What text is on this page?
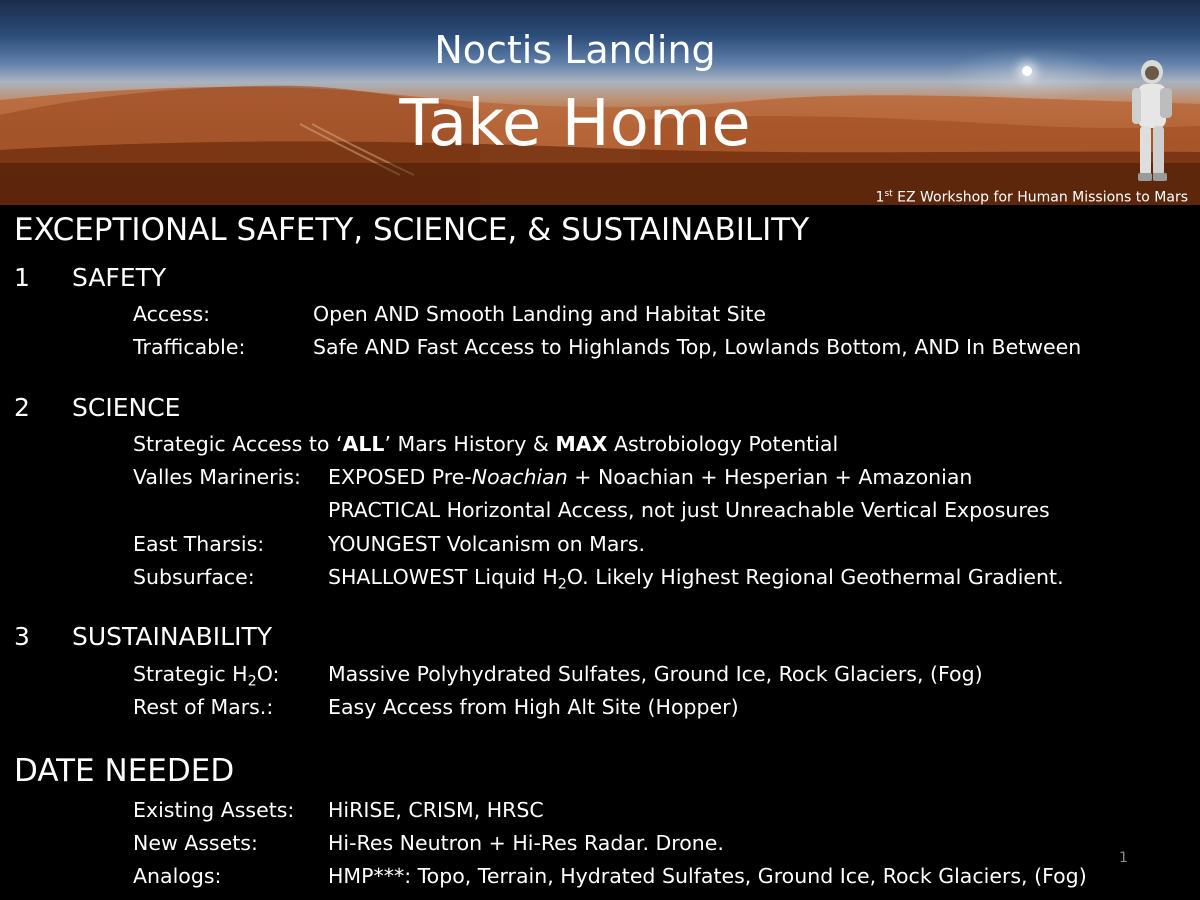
Noctis Landing
Take Home
1st EZ Workshop for Human Missions to Mars
EXCEPTIONAL SAFETY, SCIENCE, & SUSTAINABILITY
1 SAFETY
Access:	Open AND Smooth Landing and Habitat Site
Trafficable:	Safe AND Fast Access to Highlands Top, Lowlands Bottom, AND In Between
2 SCIENCE
Strategic Access to ‘ALL’ Mars History & MAX Astrobiology Potential
Valles Marineris: EXPOSED Pre-Noachian + Noachian + Hesperian + Amazonian
PRACTICAL Horizontal Access, not just Unreachable Vertical Exposures
East Tharsis:	YOUNGEST Volcanism on Mars.
Subsurface:	SHALLOWEST Liquid $H_2O$. Likely Highest Regional Geothermal Gradient.
3 SUSTAINABILITY
Strategic $H_2O$: Massive Polyhydrated Sulfates, Ground Ice, Rock Glaciers, (Fog)
Rest of Mars.:	Easy Access from High Alt Site (Hopper)
DATE NEEDED
Existing Assets: HiRISE, CRISM, HRSC
New Assets:	Hi-Res Neutron + Hi-Res Radar. Drone.
Analogs:	HMP***: Topo, Terrain, Hydrated Sulfates, Ground Ice, Rock Glaciers, (Fog)
1
